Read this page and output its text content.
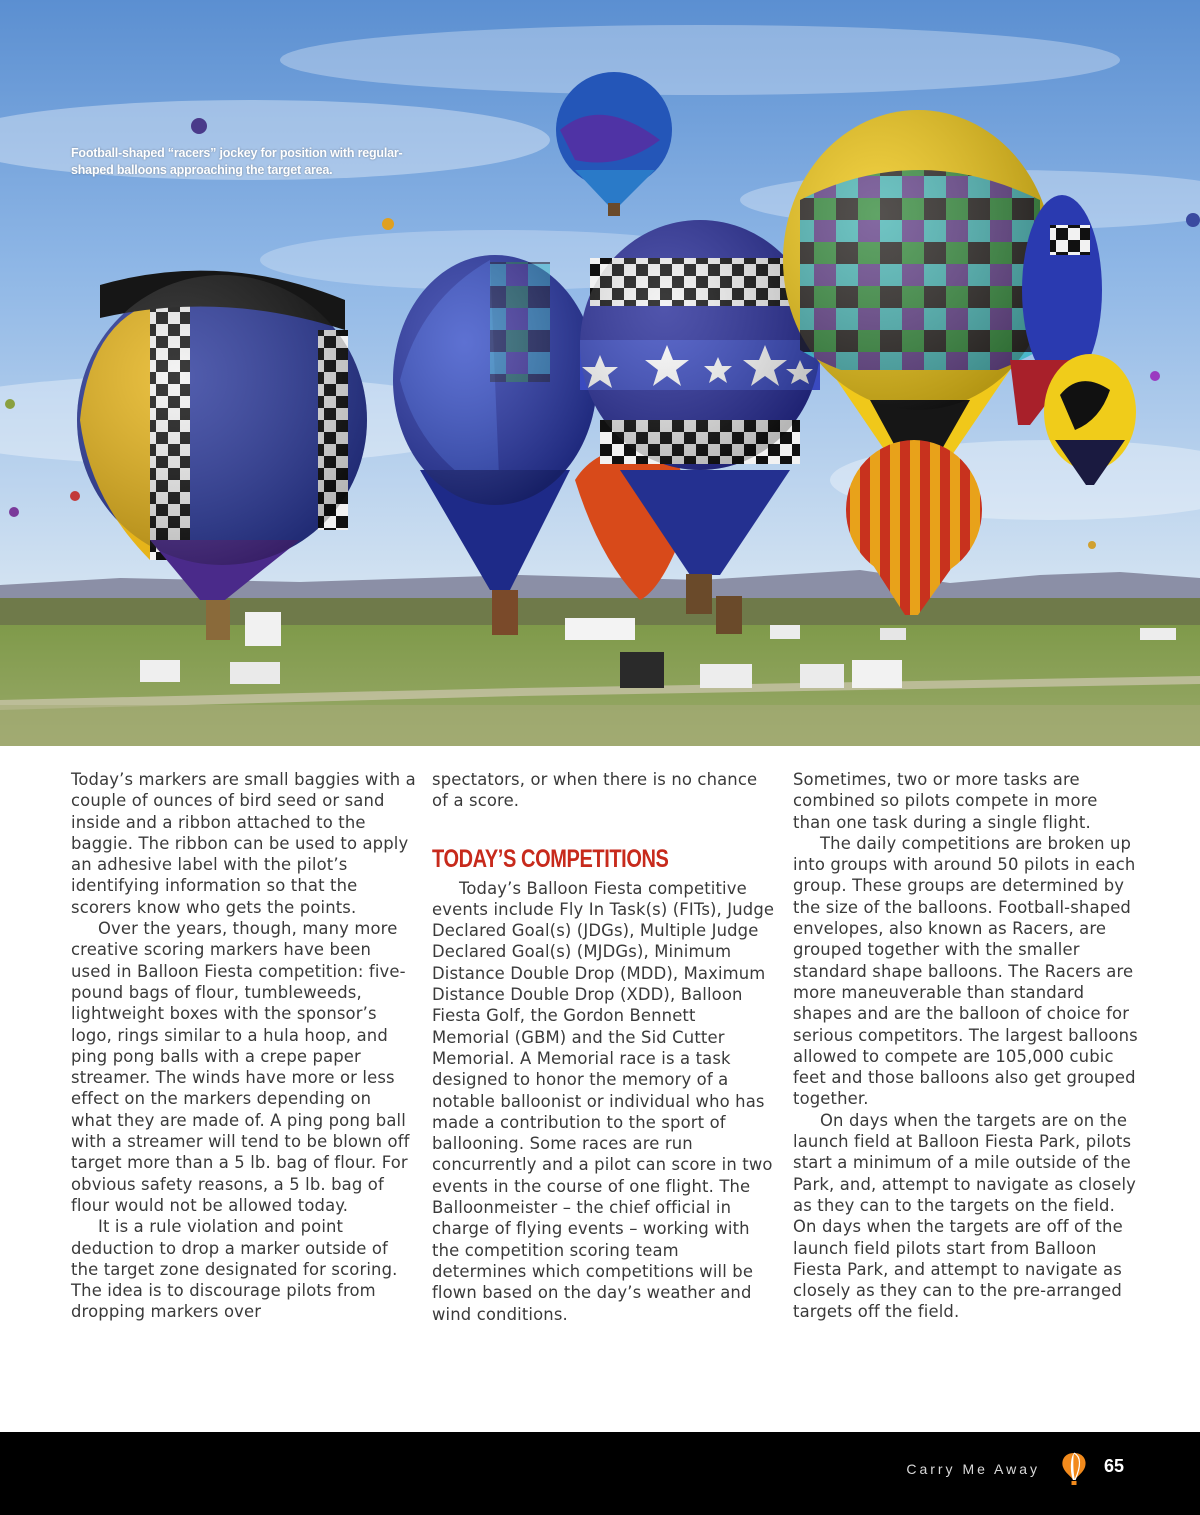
Football-shaped “racers” jockey for position with regular-shaped balloons approaching the target area.

Today’s markers are small baggies with a couple of ounces of bird seed or sand inside and a ribbon attached to the baggie. The ribbon can be used to apply an adhesive label with the pilot’s identifying information so that the scorers know who gets the points.

Over the years, though, many more creative scoring markers have been used in Balloon Fiesta competition: five-pound bags of flour, tumbleweeds, lightweight boxes with the sponsor’s logo, rings similar to a hula hoop, and ping pong balls with a crepe paper streamer. The winds have more or less effect on the markers depending on what they are made of. A ping pong ball with a streamer will tend to be blown off target more than a 5 lb. bag of flour. For obvious safety reasons, a 5 lb. bag of flour would not be allowed today.

It is a rule violation and point deduction to drop a marker outside of the target zone designated for scoring. The idea is to discourage pilots from dropping markers over

spectators, or when there is no chance of a score.

TODAY’S COMPETITIONS

Today’s Balloon Fiesta competitive events include Fly In Task(s) (FITs), Judge Declared Goal(s) (JDGs), Multiple Judge Declared Goal(s) (MJDGs), Minimum Distance Double Drop (MDD), Maximum Distance Double Drop (XDD), Balloon Fiesta Golf, the Gordon Bennett Memorial (GBM) and the Sid Cutter Memorial. A Memorial race is a task designed to honor the memory of a notable balloonist or individual who has made a contribution to the sport of ballooning. Some races are run concurrently and a pilot can score in two events in the course of one flight. The Balloonmeister – the chief official in charge of flying events – working with the competition scoring team determines which competitions will be flown based on the day’s weather and wind conditions.

Sometimes, two or more tasks are combined so pilots compete in more than one task during a single flight.

The daily competitions are broken up into groups with around 50 pilots in each group. These groups are determined by the size of the balloons. Football-shaped envelopes, also known as Racers, are grouped together with the smaller standard shape balloons. The Racers are more maneuverable than standard shapes and are the balloon of choice for serious competitors. The largest balloons allowed to compete are 105,000 cubic feet and those balloons also get grouped together.

On days when the targets are on the launch field at Balloon Fiesta Park, pilots start a minimum of a mile outside of the Park, and, attempt to navigate as closely as they can to the targets on the field. On days when the targets are off of the launch field pilots start from Balloon Fiesta Park, and attempt to navigate as closely as they can to the pre-arranged targets off the field.

Carry Me Away	65
